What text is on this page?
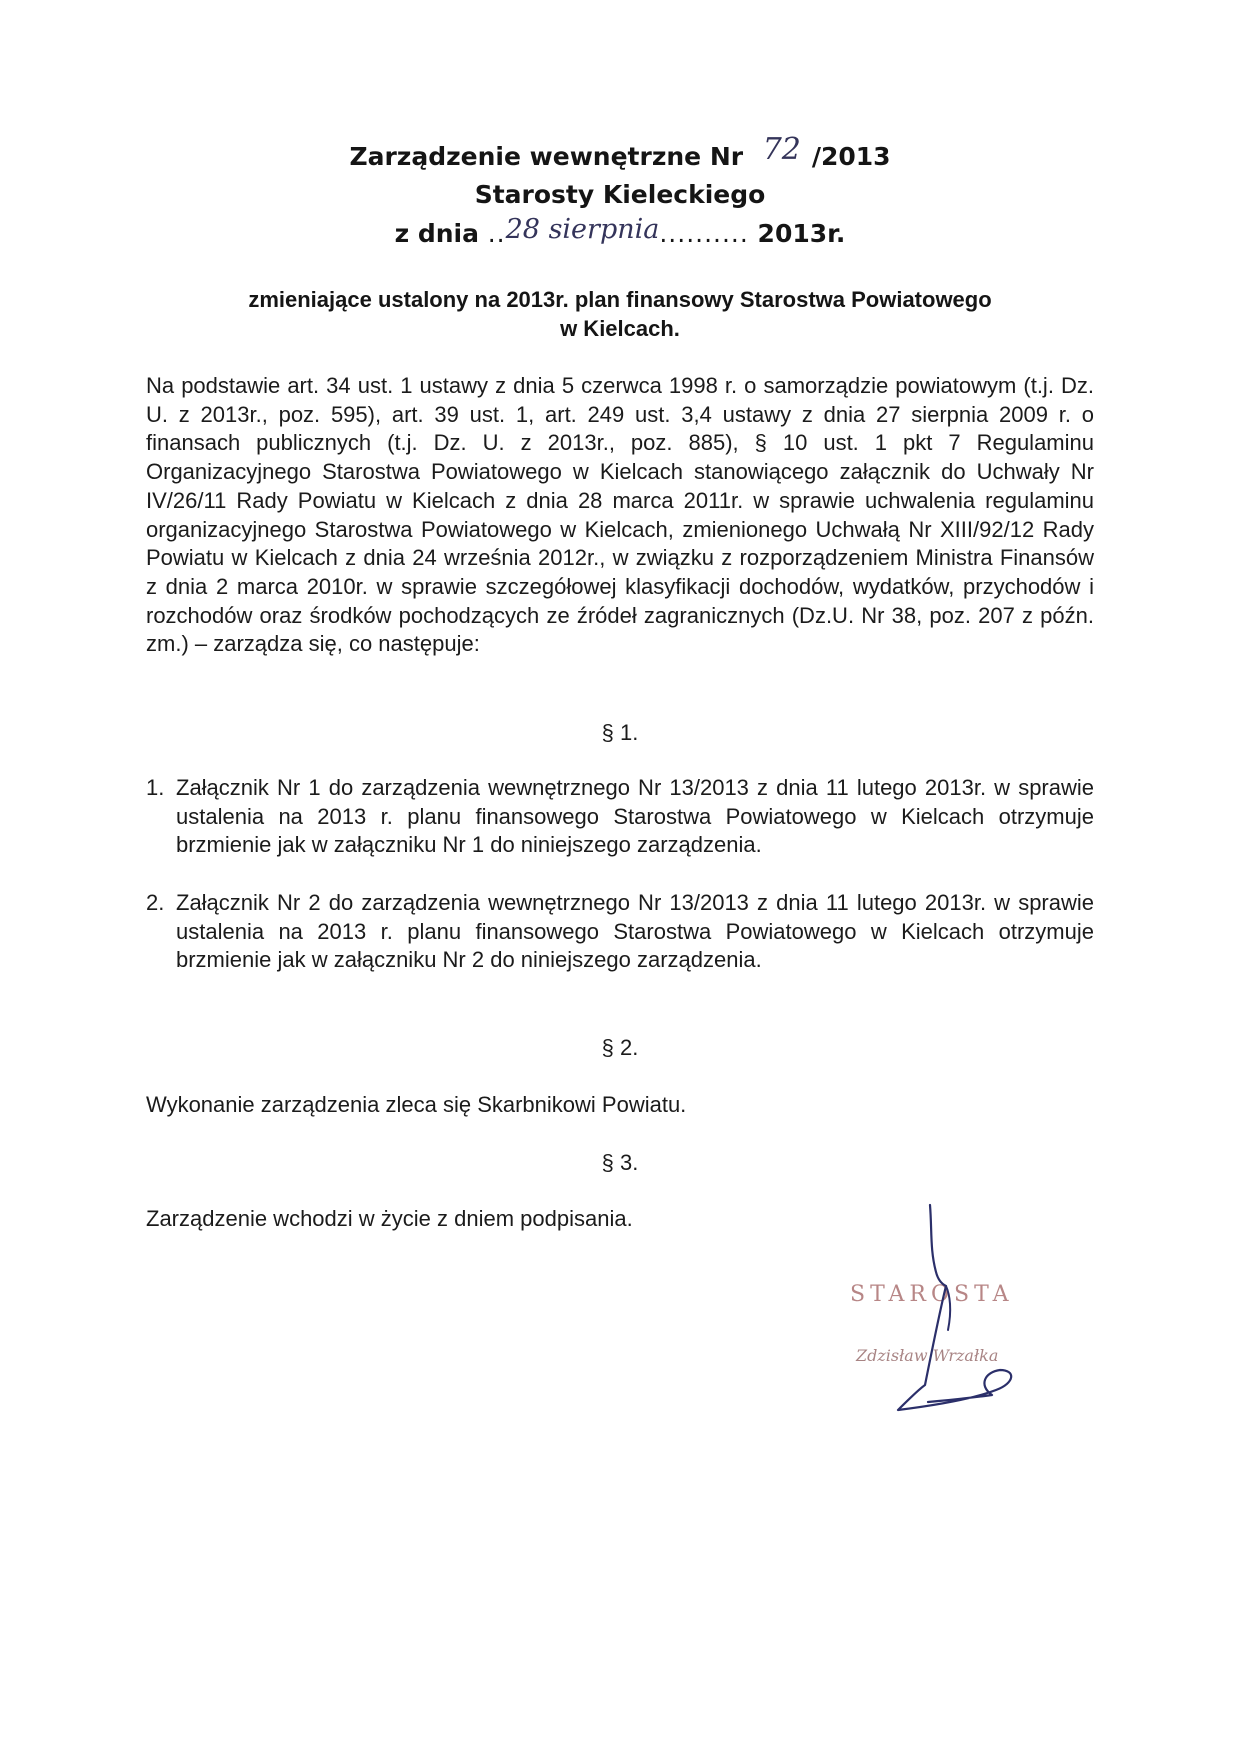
Zarządzenie wewnętrzne Nr 72 /2013
Starosty Kieleckiego
z dnia ..28 sierpnia.......... 2013r.
zmieniające ustalony na 2013r. plan finansowy Starostwa Powiatowego
w Kielcach.

Na podstawie art. 34 ust. 1 ustawy z dnia 5 czerwca 1998 r. o samorządzie powiatowym (t.j. Dz. U. z 2013r., poz. 595), art. 39 ust. 1, art. 249 ust. 3,4 ustawy z dnia 27 sierpnia 2009 r. o finansach publicznych (t.j. Dz. U. z 2013r., poz. 885), § 10 ust. 1 pkt 7 Regulaminu Organizacyjnego Starostwa Powiatowego w Kielcach stanowiącego załącznik do Uchwały Nr IV/26/11 Rady Powiatu w Kielcach z dnia 28 marca 2011r. w sprawie uchwalenia regulaminu organizacyjnego Starostwa Powiatowego w Kielcach, zmienionego Uchwałą Nr XIII/92/12 Rady Powiatu w Kielcach z dnia 24 września 2012r., w związku z rozporządzeniem Ministra Finansów z dnia 2 marca 2010r. w sprawie szczegółowej klasyfikacji dochodów, wydatków, przychodów i rozchodów oraz środków pochodzących ze źródeł zagranicznych (Dz.U. Nr 38, poz. 207 z późn. zm.) – zarządza się, co następuje:

§ 1.
1. Załącznik Nr 1 do zarządzenia wewnętrznego Nr 13/2013 z dnia 11 lutego 2013r. w sprawie ustalenia na 2013 r. planu finansowego Starostwa Powiatowego w Kielcach otrzymuje brzmienie jak w załączniku Nr 1 do niniejszego zarządzenia.
2. Załącznik Nr 2 do zarządzenia wewnętrznego Nr 13/2013 z dnia 11 lutego 2013r. w sprawie ustalenia na 2013 r. planu finansowego Starostwa Powiatowego w Kielcach otrzymuje brzmienie jak w załączniku Nr 2 do niniejszego zarządzenia.
§ 2.
Wykonanie zarządzenia zleca się Skarbnikowi Powiatu.
§ 3.
Zarządzenie wchodzi w życie z dniem podpisania.
STAROSTA
Zdzisław Wrzałka
